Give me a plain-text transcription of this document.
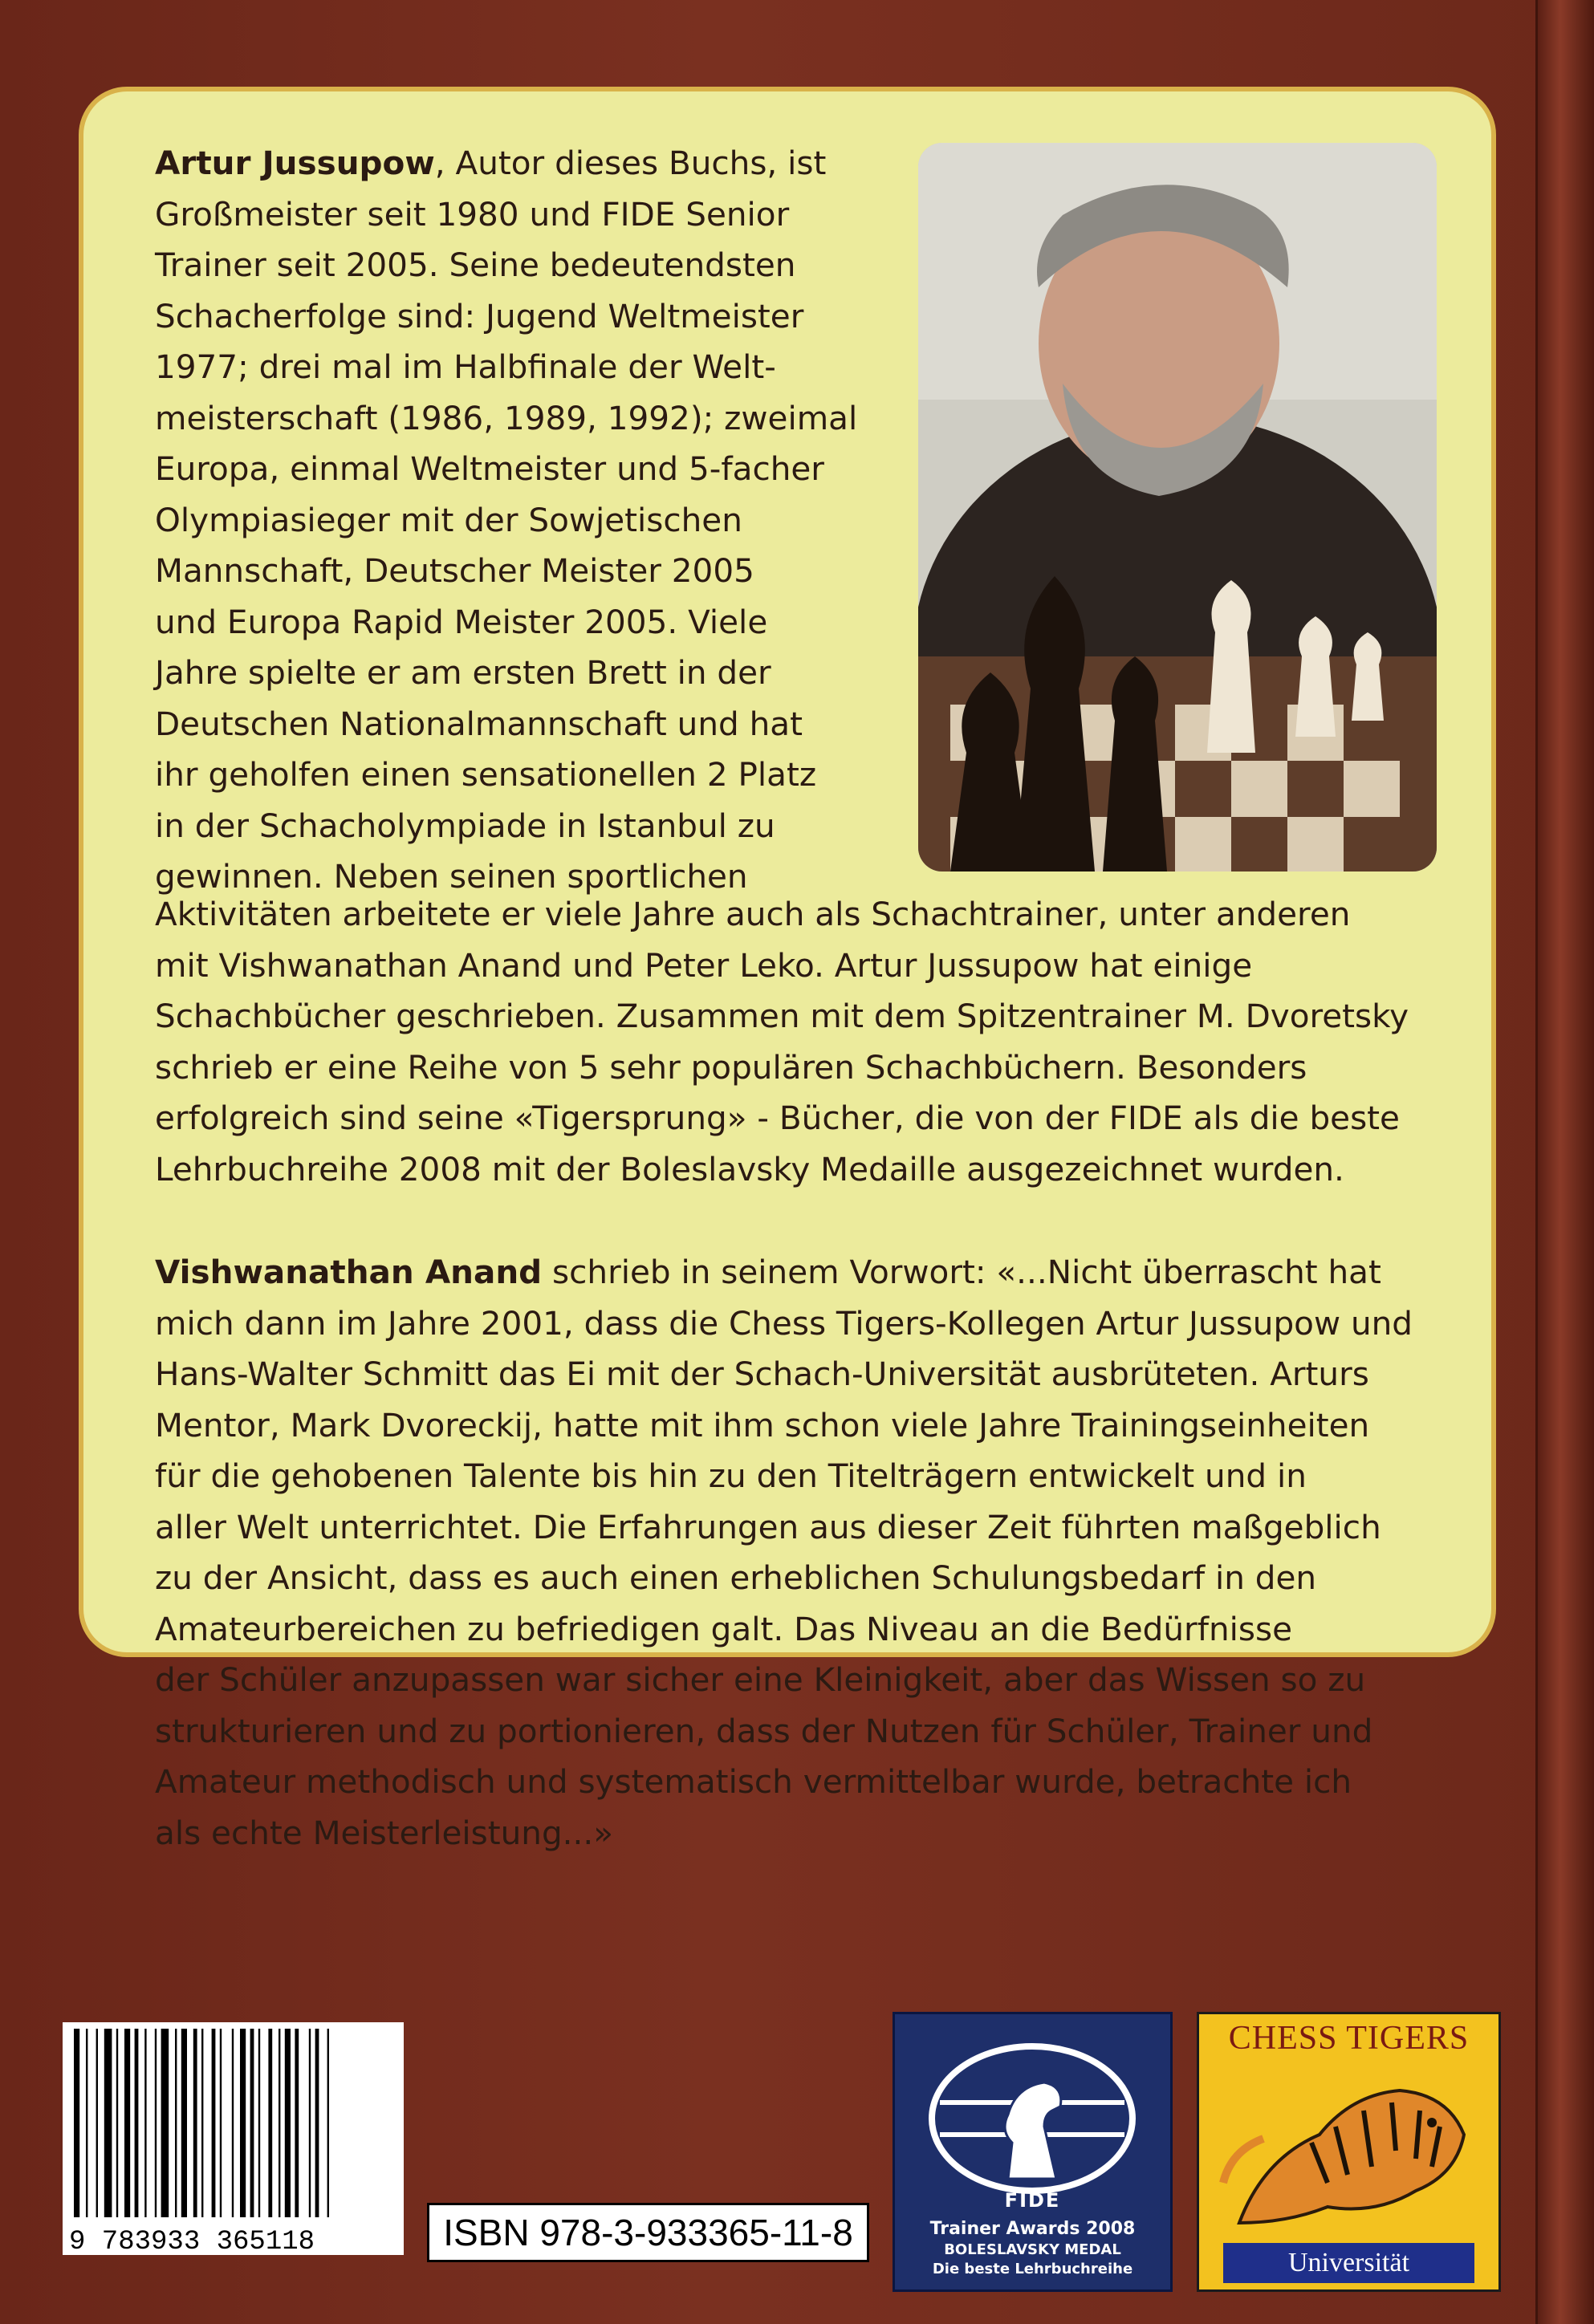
Artur Jussupow, Autor dieses Buchs, ist
Großmeister seit 1980 und FIDE Senior
Trainer seit 2005. Seine bedeutendsten
Schacherfolge sind: Jugend Weltmeister
1977; drei mal im Halbfinale der Welt-
meisterschaft (1986, 1989, 1992); zweimal
Europa, einmal Weltmeister und 5-facher
Olympiasieger mit der Sowjetischen
Mannschaft, Deutscher Meister 2005
und Europa Rapid Meister 2005. Viele
Jahre spielte er am ersten Brett in der
Deutschen Nationalmannschaft und hat
ihr geholfen einen sensationellen 2 Platz
in der Schacholympiade in Istanbul zu
gewinnen. Neben seinen sportlichen
Aktivitäten arbeitete er viele Jahre auch als Schachtrainer, unter anderen
mit Vishwanathan Anand und Peter Leko. Artur Jussupow hat einige
Schachbücher geschrieben. Zusammen mit dem Spitzentrainer M. Dvoretsky
schrieb er eine Reihe von 5 sehr populären Schachbüchern. Besonders
erfolgreich sind seine «Tigersprung» - Bücher, die von der FIDE als die beste
Lehrbuchreihe 2008 mit der Boleslavsky Medaille ausgezeichnet wurden.
Vishwanathan Anand schrieb in seinem Vorwort: «...Nicht überrascht hat
mich dann im Jahre 2001, dass die Chess Tigers-Kollegen Artur Jussupow und
Hans-Walter Schmitt das Ei mit der Schach-Universität ausbrüteten. Arturs
Mentor, Mark Dvoreckij, hatte mit ihm schon viele Jahre Trainingseinheiten
für die gehobenen Talente bis hin zu den Titelträgern entwickelt und in
aller Welt unterrichtet. Die Erfahrungen aus dieser Zeit führten maßgeblich
zu der Ansicht, dass es auch einen erheblichen Schulungsbedarf in den
Amateurbereichen zu befriedigen galt. Das Niveau an die Bedürfnisse
der Schüler anzupassen war sicher eine Kleinigkeit, aber das Wissen so zu
strukturieren und zu portionieren, dass der Nutzen für Schüler, Trainer und
Amateur methodisch und systematisch vermittelbar wurde, betrachte ich
als echte Meisterleistung...»
9 783933 365118	ISBN 978-3-933365-11-8
FIDE
Trainer Awards 2008
BOLESLAVSKY MEDAL
Die beste Lehrbuchreihe
CHESS TIGERS
Universität
